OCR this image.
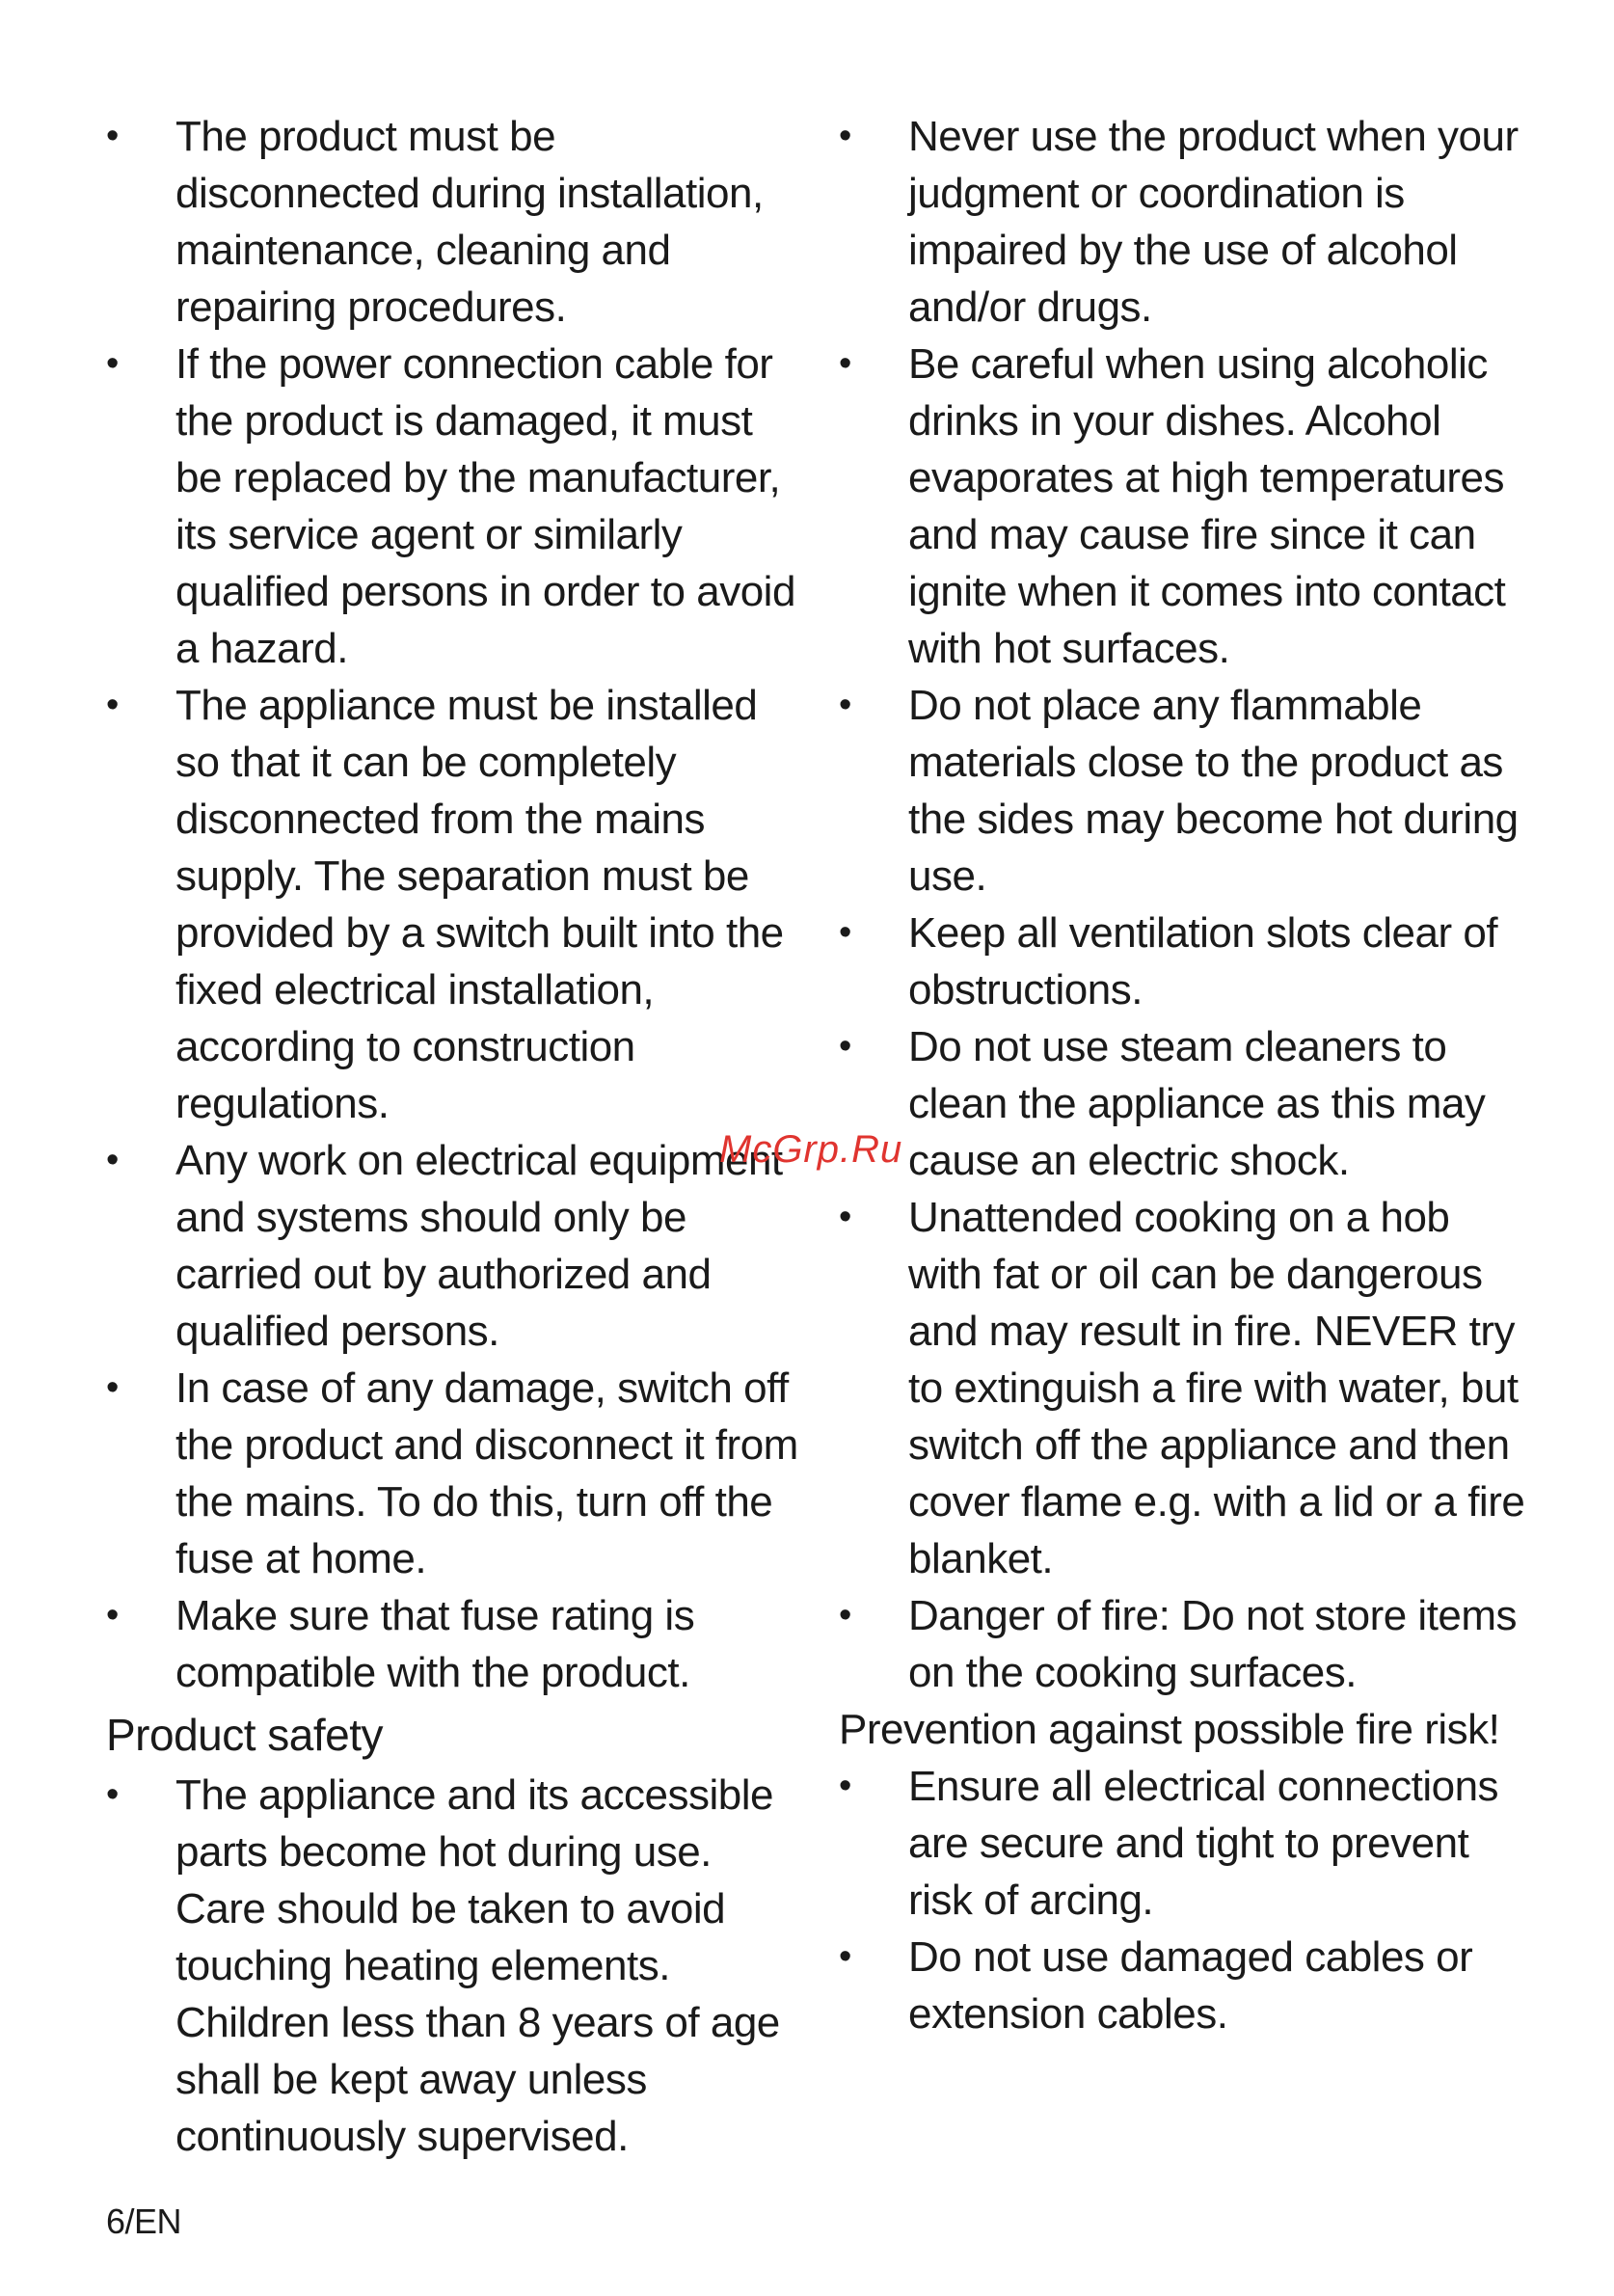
•	The product must be disconnected during installation, maintenance, cleaning and repairing procedures.
•	If the power connection cable for the product is damaged, it must be replaced by the manufacturer, its service agent or similarly qualified persons in order to avoid a hazard.
•	The appliance must be installed so that it can be completely disconnected from the mains supply. The separation must be provided by a switch built into the fixed electrical installation, according to construction regulations.
•	Any work on electrical equipment and systems should only be carried out by authorized and qualified persons.
•	In case of any damage, switch off the product and disconnect it from the mains. To do this, turn off the fuse at home.
•	Make sure that fuse rating is compatible with the product.
Product safety
•	The appliance and its accessible parts become hot during use. Care should be taken to avoid touching heating elements. Children less than 8 years of age shall be kept away unless continuously supervised.
•	Never use the product when your judgment or coordination is impaired by the use of alcohol and/or drugs.
•	Be careful when using alcoholic drinks in your dishes. Alcohol evaporates at high temperatures and may cause fire since it can ignite when it comes into contact with hot surfaces.
•	Do not place any flammable materials close to the product as the sides may become hot during use.
•	Keep all ventilation slots clear of obstructions.
•	Do not use steam cleaners to clean the appliance as this may cause an electric shock.
•	Unattended cooking on a hob with fat or oil can be dangerous and may result in fire. NEVER try to extinguish a fire with water, but switch off the appliance and then cover flame e.g. with a lid or a fire blanket.
•	Danger of fire: Do not store items on the cooking surfaces.

Prevention against possible fire risk!

•	Ensure all electrical connections are secure and tight to prevent risk of arcing.
•	Do not use damaged cables or extension cables.
McGrp.Ru
6/EN
